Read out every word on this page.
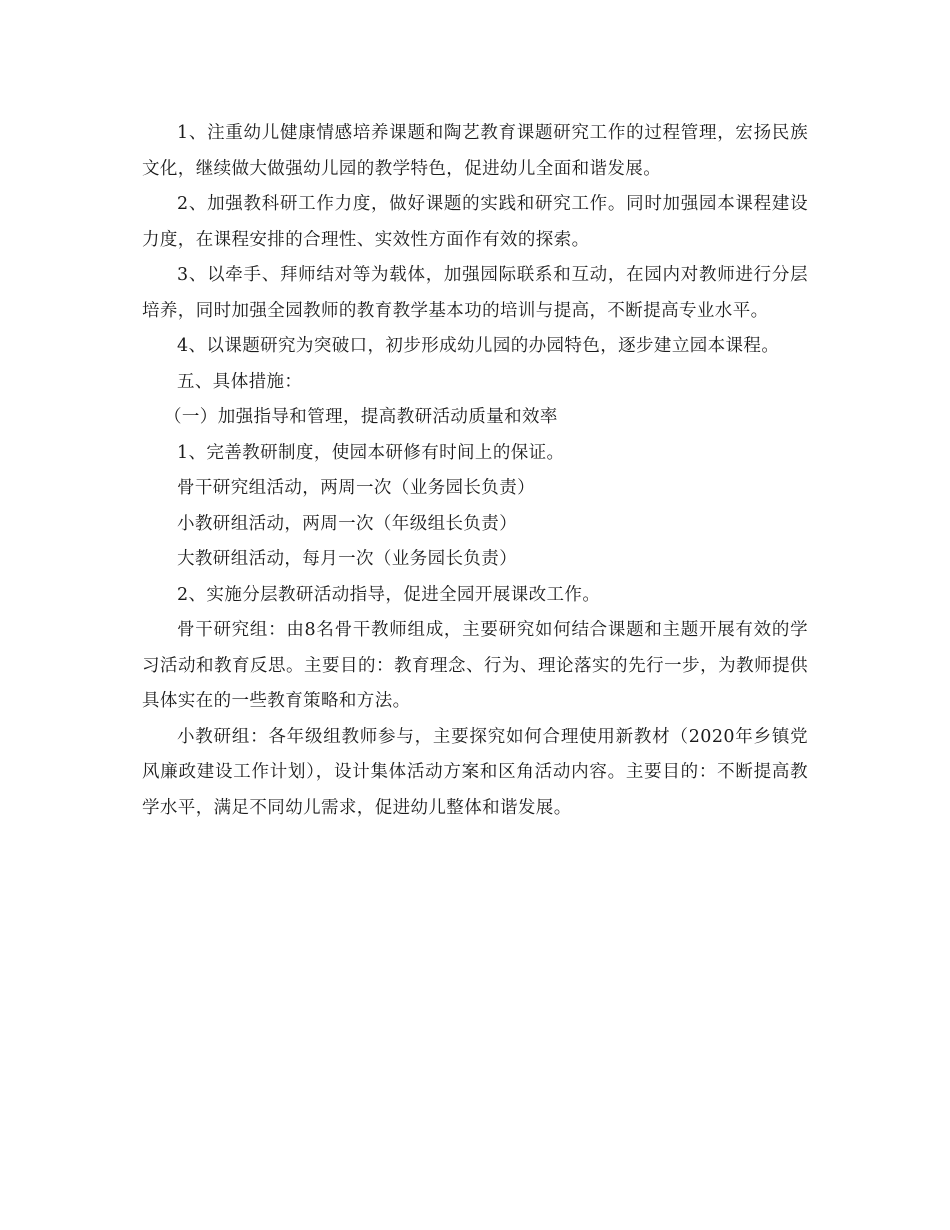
1、注重幼儿健康情感培养课题和陶艺教育课题研究工作的过程管理，宏扬民族文化，继续做大做强幼儿园的教学特色，促进幼儿全面和谐发展。

2、加强教科研工作力度，做好课题的实践和研究工作。同时加强园本课程建设力度，在课程安排的合理性、实效性方面作有效的探索。

3、以牵手、拜师结对等为载体，加强园际联系和互动，在园内对教师进行分层培养，同时加强全园教师的教育教学基本功的培训与提高，不断提高专业水平。

4、以课题研究为突破口，初步形成幼儿园的办园特色，逐步建立园本课程。

五、具体措施：

（一）加强指导和管理，提高教研活动质量和效率

1、完善教研制度，使园本研修有时间上的保证。

骨干研究组活动，两周一次（业务园长负责）

小教研组活动，两周一次（年级组长负责）

大教研组活动，每月一次（业务园长负责）

2、实施分层教研活动指导，促进全园开展课改工作。

骨干研究组：由8名骨干教师组成，主要研究如何结合课题和主题开展有效的学习活动和教育反思。主要目的：教育理念、行为、理论落实的先行一步，为教师提供具体实在的一些教育策略和方法。

小教研组：各年级组教师参与，主要探究如何合理使用新教材（2020年乡镇党风廉政建设工作计划），设计集体活动方案和区角活动内容。主要目的：不断提高教学水平，满足不同幼儿需求，促进幼儿整体和谐发展。
